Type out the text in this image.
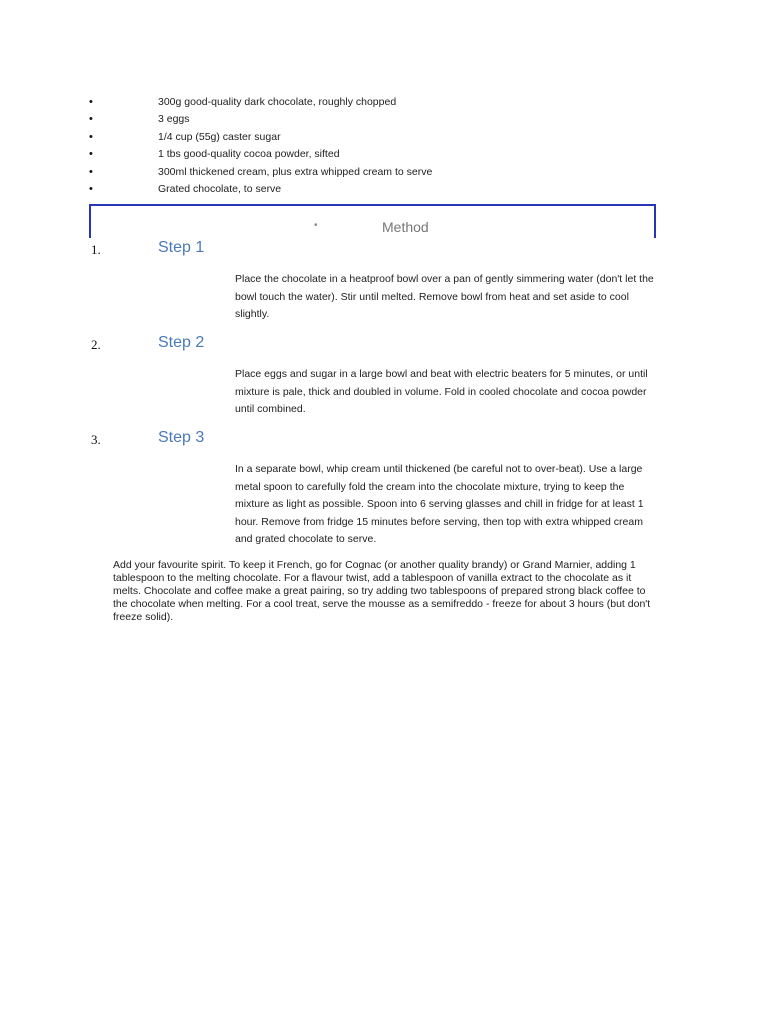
•	300g good-quality dark chocolate, roughly chopped
•	3 eggs
•	1/4 cup (55g) caster sugar
•	1 tbs good-quality cocoa powder, sifted
•	300ml thickened cream, plus extra whipped cream to serve
•	Grated chocolate, to serve
•	Method
1.	Step 1
Place the chocolate in a heatproof bowl over a pan of gently simmering water (don't let the bowl touch the water). Stir until melted. Remove bowl from heat and set aside to cool slightly.
2.	Step 2
Place eggs and sugar in a large bowl and beat with electric beaters for 5 minutes, or until mixture is pale, thick and doubled in volume. Fold in cooled chocolate and cocoa powder until combined.
3.	Step 3
In a separate bowl, whip cream until thickened (be careful not to over-beat). Use a large metal spoon to carefully fold the cream into the chocolate mixture, trying to keep the mixture as light as possible. Spoon into 6 serving glasses and chill in fridge for at least 1 hour. Remove from fridge 15 minutes before serving, then top with extra whipped cream and grated chocolate to serve.
Add your favourite spirit. To keep it French, go for Cognac (or another quality brandy) or Grand Marnier, adding 1 tablespoon to the melting chocolate. For a flavour twist, add a tablespoon of vanilla extract to the chocolate as it melts. Chocolate and coffee make a great pairing, so try adding two tablespoons of prepared strong black coffee to the chocolate when melting. For a cool treat, serve the mousse as a semifreddo - freeze for about 3 hours (but don't freeze solid).
